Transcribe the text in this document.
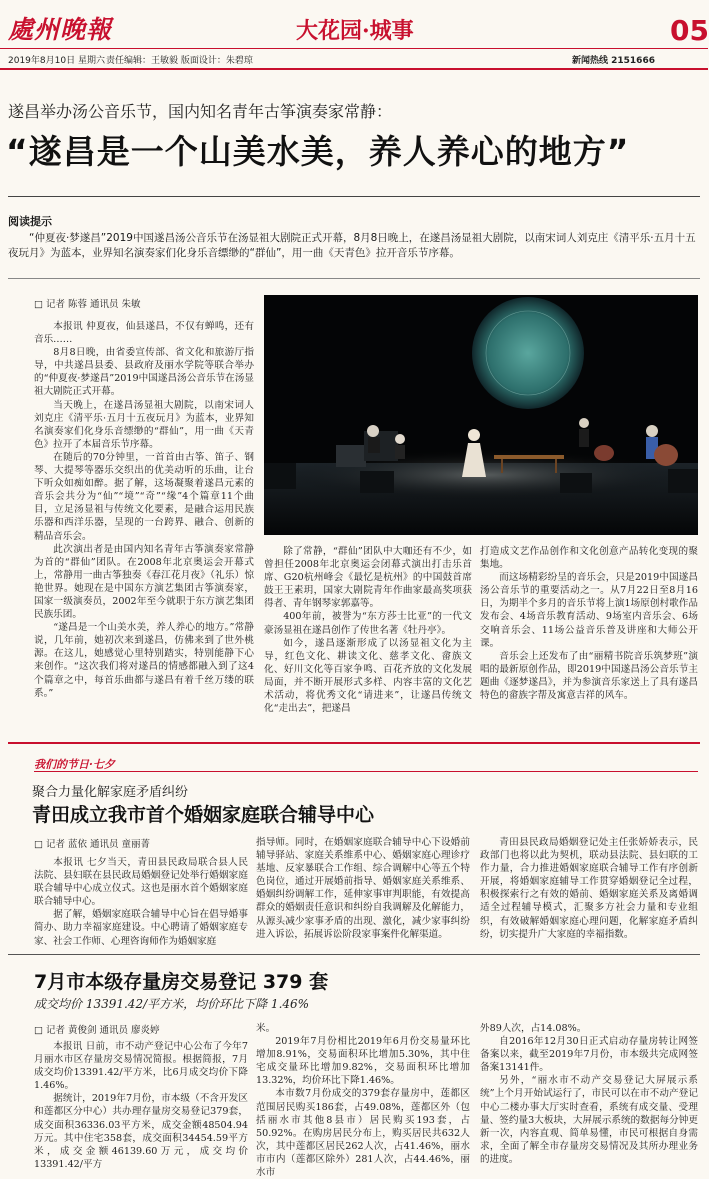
處州晚報	大花园·城事	05
2019年8月10日 星期六 责任编辑：王敏毅 版面设计：朱碧琼	新闻热线 2151666
遂昌举办汤公音乐节，国内知名青年古筝演奏家常静：
“遂昌是一个山美水美，养人养心的地方”
阅读提示
“仲夏夜·梦遂昌”2019中国遂昌汤公音乐节在汤显祖大剧院正式开幕，8月8日晚上，在遂昌汤显祖大剧院，以南宋词人刘克庄《清平乐·五月十五夜玩月》为蓝本，业界知名演奏家们化身乐音缥缈的“群仙”，用一曲《天青色》拉开音乐节序幕。
□ 记者 陈蓉 通讯员 朱敏

本报讯 仲夏夜，仙县遂昌，不仅有蝉鸣，还有音乐……

8月8日晚，由省委宣传部、省文化和旅游厅指导，中共遂昌县委、县政府及丽水学院等联合举办的“仲夏夜·梦遂昌”2019中国遂昌汤公音乐节在汤显祖大剧院正式开幕。

当天晚上，在遂昌汤显祖大剧院，以南宋词人刘克庄《清平乐·五月十五夜玩月》为蓝本，业界知名演奏家们化身乐音缥缈的“群仙”，用一曲《天青色》拉开了本届音乐节序幕。

在随后的70分钟里，一首首由古筝、笛子、钢琴、大提琴等器乐交织出的优美动听的乐曲，让台下听众如痴如醉。据了解，这场凝聚着遂昌元素的音乐会共分为“仙”“境”“奇”“缘”4个篇章11个曲目，立足汤显祖与传统文化要素，是融合运用民族乐器和西洋乐器，呈现的一台跨界、融合、创新的精品音乐会。

此次演出者是由国内知名青年古筝演奏家常静为首的“群仙”团队。在2008年北京奥运会开幕式上，常静用一曲古筝独奏《春江花月夜》（礼乐）惊艳世界。她现在是中国东方演艺集团古筝演奏家，国家一级演奏员，2002年至今就职于东方演艺集团民族乐团。

“遂昌是一个山美水美，养人养心的地方。”常静说，几年前，她初次来到遂昌，仿佛来到了世外桃源。在这儿，她感觉心里特别踏实，特别能静下心来创作。“这次我们将对遂昌的情感都融入到了这4个篇章之中，每首乐曲都与遂昌有着千丝万缕的联系。”

除了常静，“群仙”团队中大咖还有不少，如曾担任2008年北京奥运会闭幕式演出打击乐首席、G20杭州峰会《最忆是杭州》的中国鼓首席鼓王王素玥，国家大剧院青年作曲家最高奖项获得者、青年钢琴家郭嘉等。

400年前，被誉为“东方莎士比亚”的一代文豪汤显祖在遂昌创作了传世名著《牡丹亭》。

如今，遂昌逐渐形成了以汤显祖文化为主导，红色文化、耕读文化、慈孝文化、畲族文化、好川文化等百家争鸣、百花齐放的文化发展局面，并不断开展形式多样、内容丰富的文化艺术活动，将优秀文化“请进来”，让遂昌传统文化“走出去”，把遂昌

打造成文艺作品创作和文化创意产品转化变现的聚集地。

而这场精彩纷呈的音乐会，只是2019中国遂昌汤公音乐节的重要活动之一。从7月22日至8月16日，为期半个多月的音乐节将上演1场原创村歌作品发布会、4场音乐教育活动、9场室内音乐会、6场交响音乐会、11场公益音乐普及讲座和大师公开课。

音乐会上还发布了由“丽精书院音乐筑梦班”演唱的最新原创作品，即2019中国遂昌汤公音乐节主题曲《逐梦遂昌》，并为参演音乐家送上了具有遂昌特色的畲族字帮及寓意吉祥的风车。

我们的节日·七夕
聚合力量化解家庭矛盾纠纷
青田成立我市首个婚姻家庭联合辅导中心
□ 记者 蓝依 通讯员 童丽菁

本报讯 七夕当天，青田县民政局联合县人民法院、县妇联在县民政局婚姻登记处举行婚姻家庭联合辅导中心成立仪式。这也是丽水首个婚姻家庭联合辅导中心。

据了解，婚姻家庭联合辅导中心旨在倡导婚事简办、助力幸福家庭建设。中心聘请了婚姻家庭专家、社会工作师、心理咨询师作为婚姻家庭

指导师。同时，在婚姻家庭联合辅导中心下设婚前辅导驿站、家庭关系维系中心、婚姻家庭心理诊疗基地、反家暴联合工作组、综合调解中心等五个特色岗位，通过开展婚前指导、婚姻家庭关系维系、婚姻纠纷调解工作，延伸家事审判职能，有效提高群众的婚姻责任意识和纠纷自我调解及化解能力，从源头减少家事矛盾的出现、激化，减少家事纠纷进入诉讼，拓展诉讼阶段家事案件化解渠道。

青田县民政局婚姻登记处主任张娇娇表示，民政部门也将以此为契机，联动县法院、县妇联的工作力量，合力推进婚姻家庭联合辅导工作有序创新开展，将婚姻家庭辅导工作贯穿婚姻登记全过程，积极探索行之有效的婚前、婚姻家庭关系及离婚调适全过程辅导模式，汇聚多方社会力量和专业组织，有效破解婚姻家庭心理问题，化解家庭矛盾纠纷，切实提升广大家庭的幸福指数。

7月市本级存量房交易登记 379 套
成交均价 13391.42/平方米，均价环比下降 1.46%
□ 记者 黄俊剑 通讯员 廖炎婷

本报讯 日前，市不动产登记中心公布了今年7月丽水市区存量房交易情况简报。根据简报，7月成交均价13391.42/平方米，比6月成交均价下降1.46%。

据统计，2019年7月份，市本级（不含开发区和莲都区分中心）共办理存量房交易登记379套，成交面积36336.03平方米，成交金额48504.94万元。其中住宅358套，成交面积34454.59平方米，成交金额46139.60万元，成交均价13391.42/平方

米。

2019年7月份相比2019年6月份交易量环比增加8.91%，交易面积环比增加5.30%，其中住宅成交量环比增加9.82%，交易面积环比增加13.32%，均价环比下降1.46%。

本市数7月份成交的379套存量房中，莲都区范围居民购买186套，占49.08%，莲都区外（包括丽水市其他8县市）居民购买193套，占50.92%。在购房居民分布上，购买居民共632人次，其中莲都区居民262人次，占41.46%，丽水市市内（莲都区除外）281人次，占44.46%，丽水市

外89人次，占14.08%。

自2016年12月30日正式启动存量房转让网签备案以来，截至2019年7月份，市本级共完成网签备案13141件。

另外，“丽水市不动产交易登记大屏展示系统”上个月开始试运行了，市民可以在市不动产登记中心二楼办事大厅实时查看，系统有成交量、受理量、签约量3大板块，大屏展示系统的数据每分钟更新一次，内容直观、简单易懂，市民可根据自身需求，全面了解全市存量房交易情况及其所办理业务的进度。
